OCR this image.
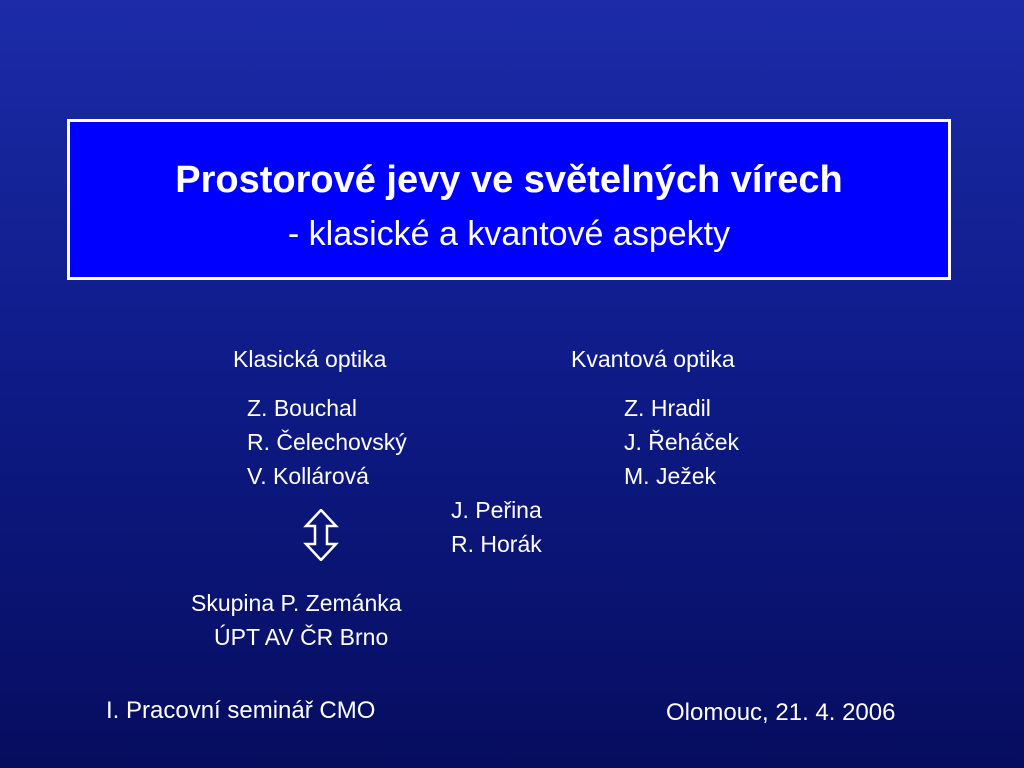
Prostorové jevy ve světelných vírech
- klasické a kvantové aspekty
Klasická optika	Kvantová optika
Z. Bouchal
R. Čelechovský
V. Kollárová
Z. Hradil
J. Řeháček
M. Ježek
J. Peřina
R. Horák
Skupina P. Zemánka
ÚPT AV ČR Brno
I. Pracovní seminář CMO	Olomouc, 21. 4. 2006
